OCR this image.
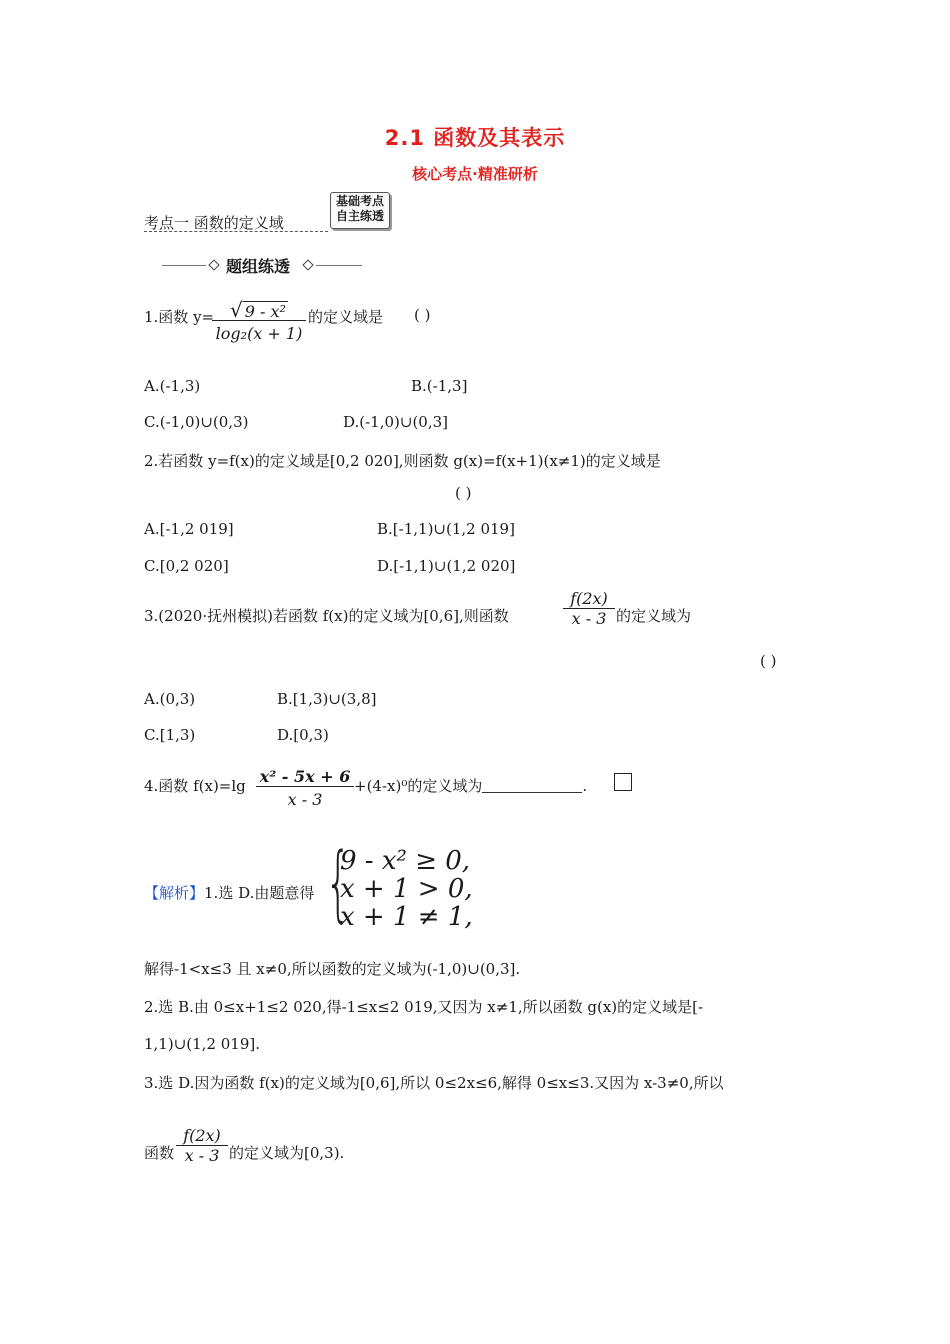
2.1 函数及其表示
核心考点·精准研析
考点一 函数的定义域
基础考点
自主练透
题组练透
1.函数 y= √ 9 - x²
log₂(x + 1)
的定义域是 ( )
A.(-1,3)	B.(-1,3]
C.(-1,0)∪(0,3)	D.(-1,0)∪(0,3]
2.若函数 y=f(x)的定义域是[0,2 020],则函数 g(x)=f(x+1)(x≠1)的定义域是
( )
A.[-1,2 019]	B.[-1,1)∪(1,2 019]
C.[0,2 020]	D.[-1,1)∪(1,2 020]
3.(2020·抚州模拟)若函数 f(x)的定义域为[0,6],则函数
f(2x)
x - 3 的定义域为
( )
A.(0,3)	B.[1,3)∪(3,8]
C.[1,3)	D.[0,3)
4.函数 f(x)=lg x² - 5x + 6
x - 3
+(4-x)⁰的定义域为	.
【解析】1.选 D.由题意得 {
9 - x² ≥ 0,
x + 1 > 0,
x + 1 ≠ 1,
解得-1<x≤3 且 x≠0,所以函数的定义域为(-1,0)∪(0,3].
2.选 B.由 0≤x+1≤2 020,得-1≤x≤2 019,又因为 x≠1,所以函数 g(x)的定义域是[-
1,1)∪(1,2 019].
3.选 D.因为函数 f(x)的定义域为[0,6],所以 0≤2x≤6,解得 0≤x≤3.又因为 x-3≠0,所以
函数
f(2x)
x - 3 的定义域为[0,3).
